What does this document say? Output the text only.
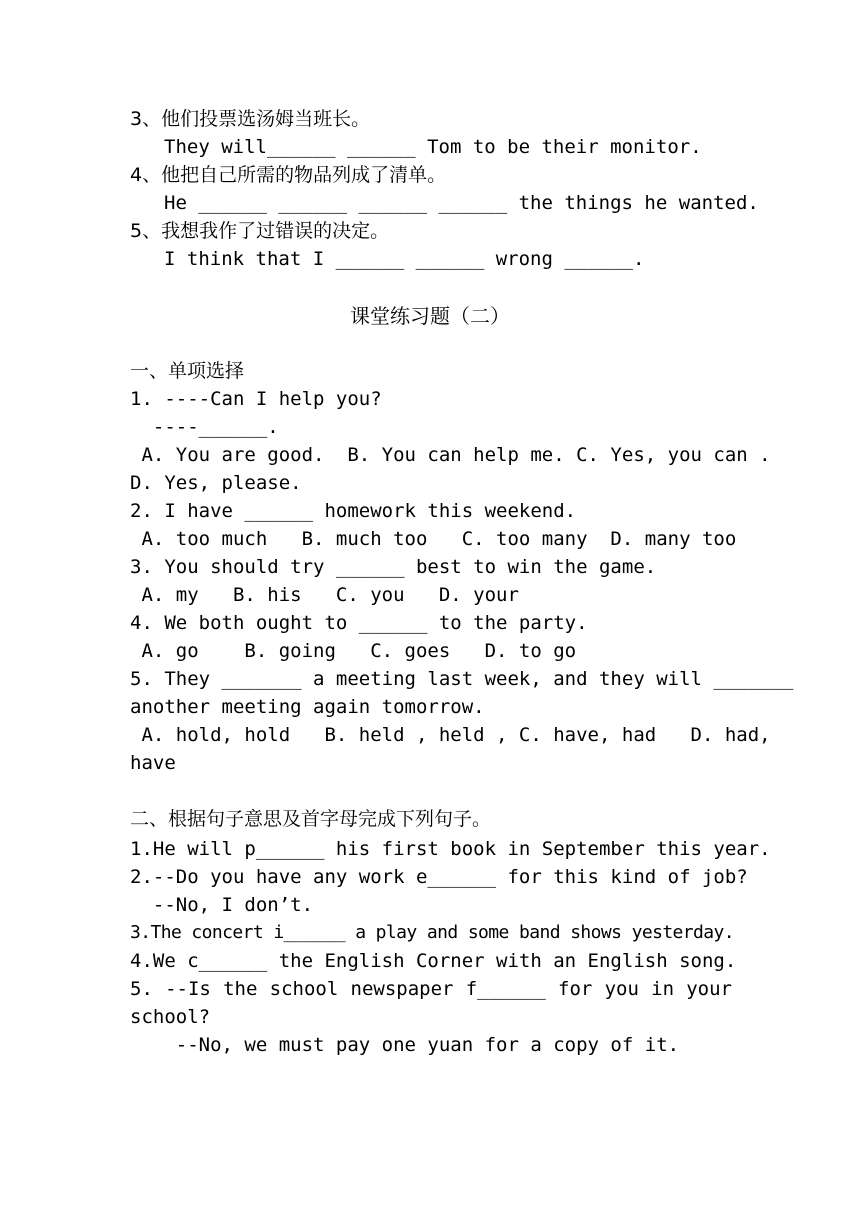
3、他们投票选汤姆当班长。
They will______ ______ Tom to be their monitor.
4、他把自己所需的物品列成了清单。
He ______ ______ ______ ______ the things he wanted.
5、我想我作了过错误的决定。
I think that I ______ ______ wrong ______.
课堂练习题（二）
一、单项选择
1. ----Can I help you?
----______.
A. You are good.  B. You can help me. C. Yes, you can .
D. Yes, please.
2. I have ______ homework this weekend.
A. too much   B. much too   C. too many  D. many too
3. You should try ______ best to win the game.
A. my   B. his   C. you   D. your
4. We both ought to ______ to the party.
A. go    B. going   C. goes   D. to go
5. They _______ a meeting last week, and they will _______
another meeting again tomorrow.
A. hold, hold   B. held , held , C. have, had   D. had,
have
二、根据句子意思及首字母完成下列句子。
1.He will p______ his first book in September this year.
2.--Do you have any work e______ for this kind of job?
--No, I don’t.
3.The concert i______ a play and some band shows yesterday.
4.We c______ the English Corner with an English song.
5. --Is the school newspaper f______ for you in your
school?
--No, we must pay one yuan for a copy of it.
